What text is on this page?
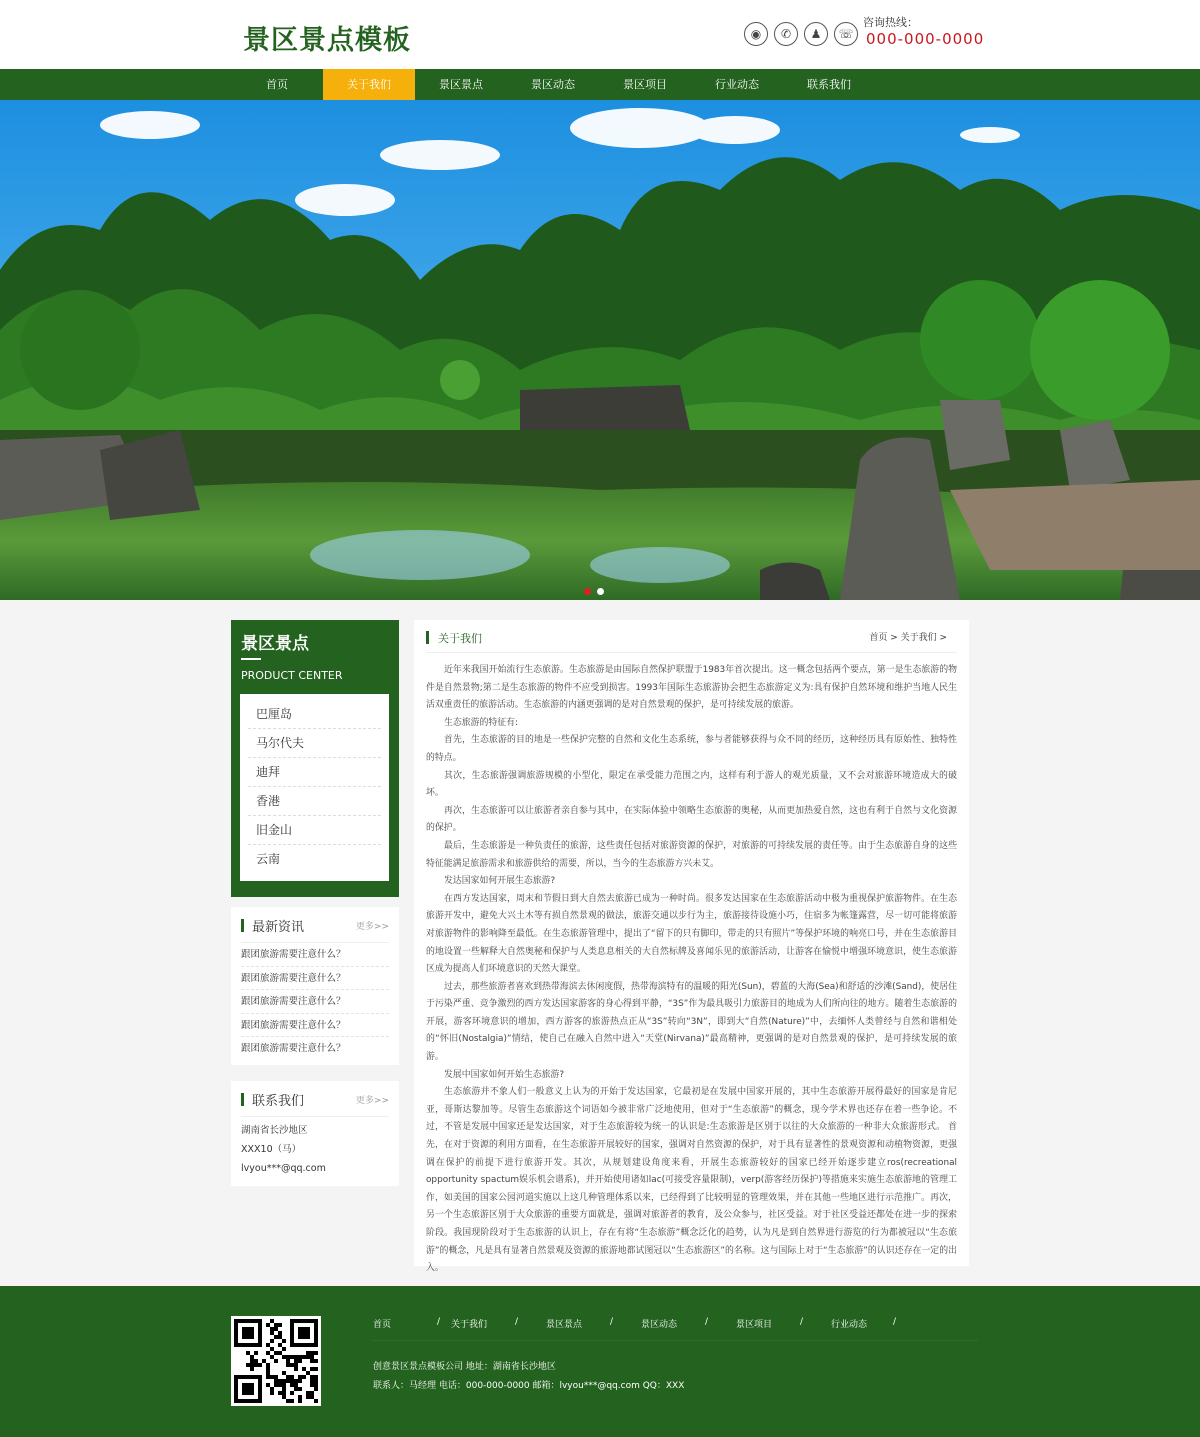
景区景点模板	◉	✆	♟	☏
咨询热线：
000-000-0000
首页	关于我们	景区景点	景区动态	景区项目	行业动态	联系我们
景区景点
PRODUCT CENTER
巴厘岛
马尔代夫
迪拜
香港
旧金山
云南
最新资讯	更多>>
跟团旅游需要注意什么？
跟团旅游需要注意什么？
跟团旅游需要注意什么？
跟团旅游需要注意什么？
跟团旅游需要注意什么？
联系我们	更多>>

湖南省长沙地区

XXX10（马）

lvyou***@qq.com

关于我们	首页 > 关于我们 >

近年来我国开始流行生态旅游。生态旅游是由国际自然保护联盟于1983年首次提出。这一概念包括两个要点，第一是生态旅游的物件是自然景物;第二是生态旅游的物件不应受到损害。1993年国际生态旅游协会把生态旅游定义为:具有保护自然环境和维护当地人民生活双重责任的旅游活动。生态旅游的内涵更强调的是对自然景观的保护，是可持续发展的旅游。

生态旅游的特征有:

首先，生态旅游的目的地是一些保护完整的自然和文化生态系统，参与者能够获得与众不同的经历，这种经历具有原始性、独特性的特点。

其次，生态旅游强调旅游规模的小型化，限定在承受能力范围之内，这样有利于游人的观光质量，又不会对旅游环境造成大的破坏。

再次，生态旅游可以让旅游者亲自参与其中，在实际体验中领略生态旅游的奥秘，从而更加热爱自然，这也有利于自然与文化资源的保护。

最后，生态旅游是一种负责任的旅游，这些责任包括对旅游资源的保护，对旅游的可持续发展的责任等。由于生态旅游自身的这些特征能满足旅游需求和旅游供给的需要，所以，当今的生态旅游方兴未艾。

发达国家如何开展生态旅游?

在西方发达国家，周末和节假日到大自然去旅游已成为一种时尚。很多发达国家在生态旅游活动中极为重视保护旅游物件。在生态旅游开发中，避免大兴土木等有损自然景观的做法，旅游交通以步行为主，旅游接待设施小巧，住宿多为帐篷露营，尽一切可能将旅游对旅游物件的影响降至最低。在生态旅游管理中，提出了“留下的只有脚印，带走的只有照片”等保护环境的响亮口号，并在生态旅游目的地设置一些解释大自然奥秘和保护与人类息息相关的大自然标牌及喜闻乐见的旅游活动，让游客在愉悦中增强环境意识，使生态旅游区成为提高人们环境意识的天然大课堂。

过去，那些旅游者喜欢到热带海滨去休闲度假，热带海滨特有的温暖的阳光(Sun)，碧蓝的大海(Sea)和舒适的沙滩(Sand)，使居住于污染严重、竞争激烈的西方发达国家游客的身心得到平静，“3S”作为最具吸引力旅游目的地成为人们所向往的地方。随着生态旅游的开展，游客环境意识的增加，西方游客的旅游热点正从“3S”转向“3N”，即到大“自然(Nature)”中，去缅怀人类曾经与自然和谐相处的“怀旧(Nostalgia)”情结，使自己在融入自然中进入“天堂(Nirvana)”最高精神，更强调的是对自然景观的保护，是可持续发展的旅游。

发展中国家如何开始生态旅游?

生态旅游并不象人们一般意义上认为的开始于发达国家，它最初是在发展中国家开展的，其中生态旅游开展得最好的国家是肯尼亚，哥斯达黎加等。尽管生态旅游这个词语如今被非常广泛地使用，但对于“生态旅游”的概念，现今学术界也还存在着一些争论。不过，不管是发展中国家还是发达国家，对于生态旅游较为统一的认识是:生态旅游是区别于以往的大众旅游的一种非大众旅游形式。 首先，在对于资源的利用方面看，在生态旅游开展较好的国家，强调对自然资源的保护，对于具有显著性的景观资源和动植物资源，更强调在保护的前提下进行旅游开发。其次，从规划建设角度来看，开展生态旅游较好的国家已经开始逐步建立ros(recreational opportunity spactum娱乐机会谱系)，并开始使用诸如lac(可接受容量限制)，verp(游客经历保护)等措施来实施生态旅游地的管理工作，如美国的国家公园河道实施以上这几种管理体系以来，已经得到了比较明显的管理效果，并在其他一些地区进行示范推广。再次，另一个生态旅游区别于大众旅游的重要方面就是，强调对旅游者的教育，及公众参与，社区受益。对于社区受益还都处在进一步的探索阶段。我国现阶段对于生态旅游的认识上，存在有将“生态旅游”概念泛化的趋势，认为凡是到自然界进行游览的行为都被冠以“生态旅游”的概念，凡是具有显著自然景观及资源的旅游地都试图冠以“生态旅游区”的名称。这与国际上对于“生态旅游”的认识还存在一定的出入。

首页	/	关于我们	/	景区景点	/	景区动态	/	景区项目	/	行业动态	/

创意景区景点模板公司 地址：湖南省长沙地区

联系人：马经理 电话：000-000-0000 邮箱：lvyou***@qq.com QQ：XXX
